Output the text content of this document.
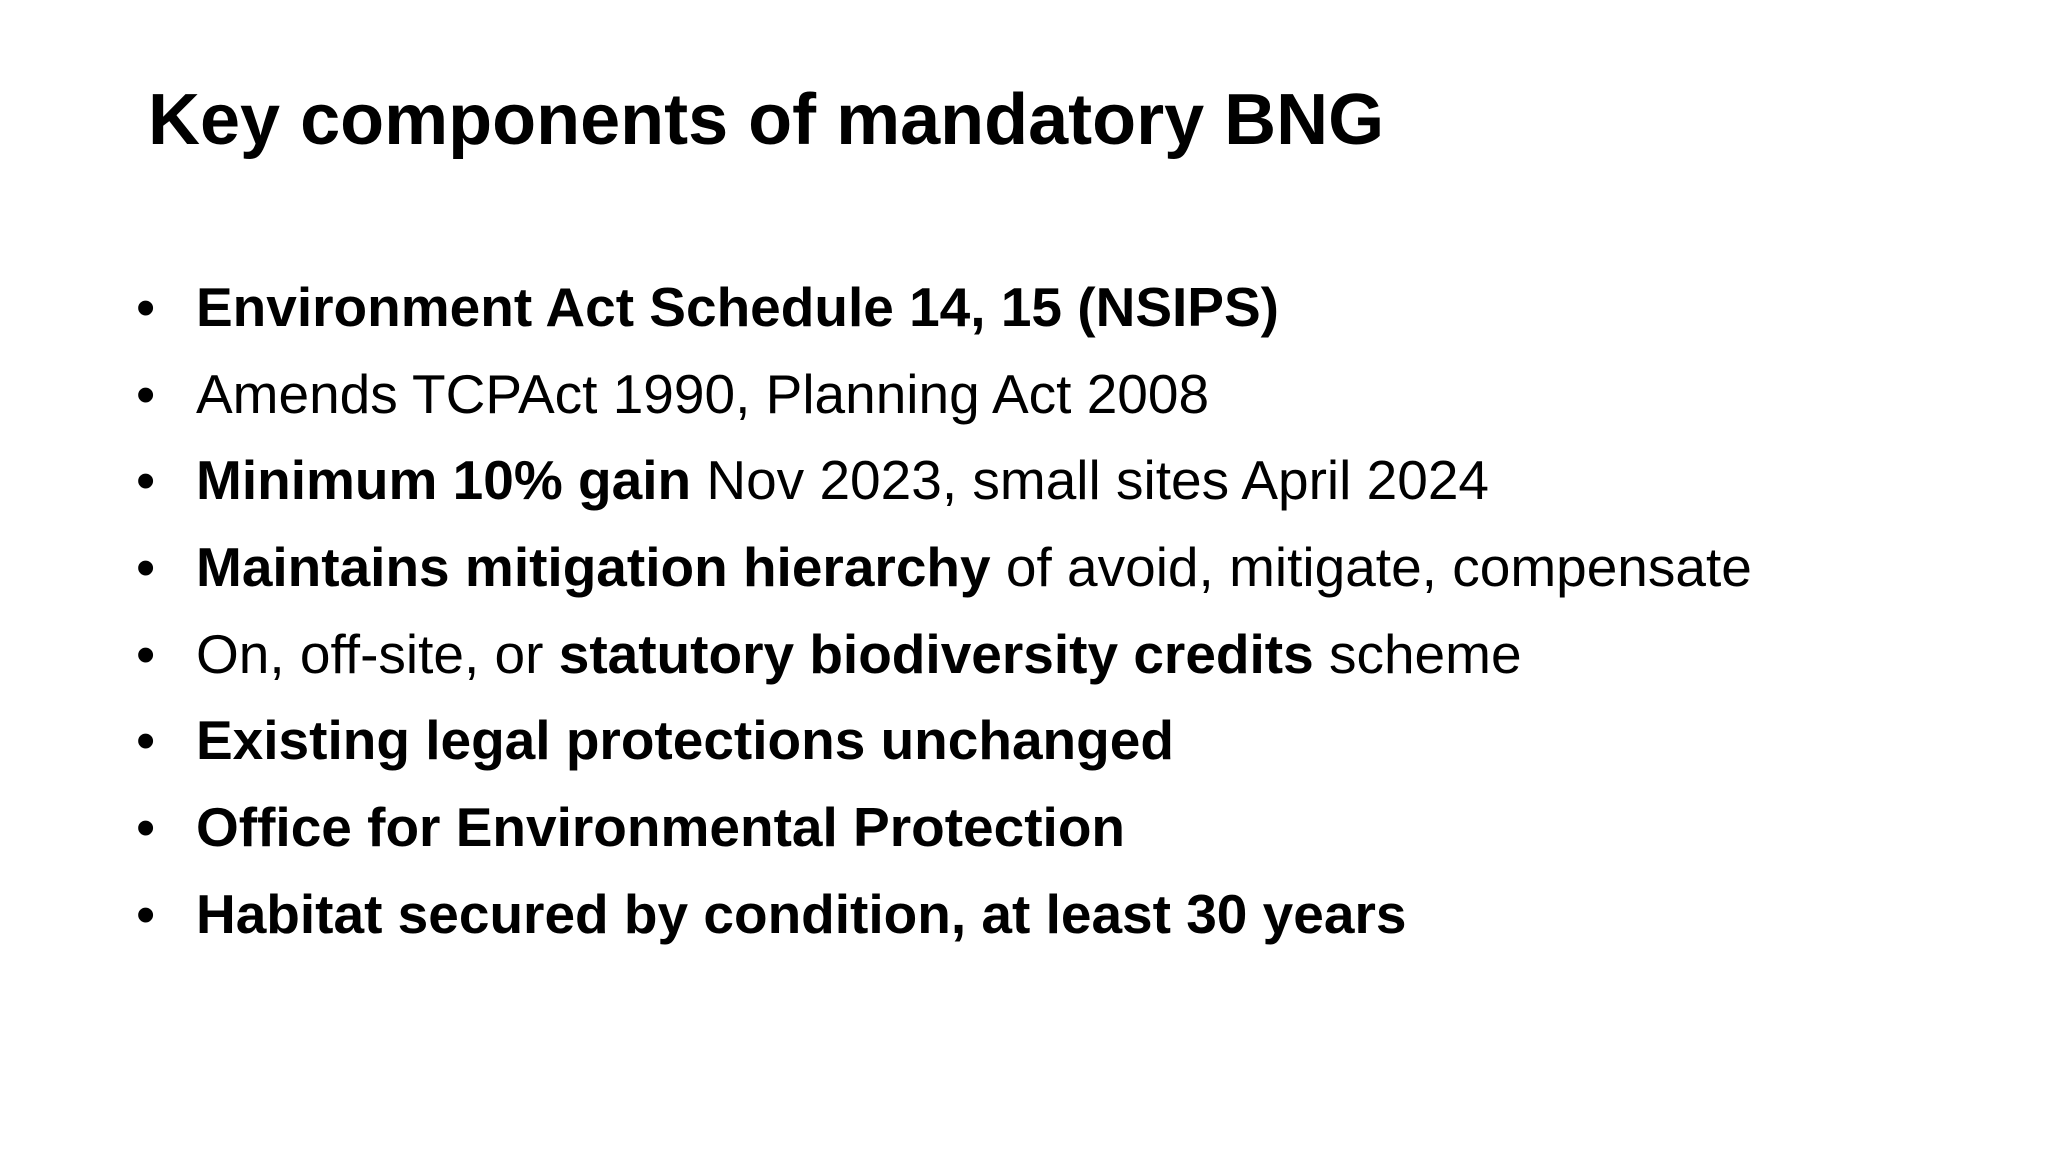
Key components of mandatory BNG
• Environment Act Schedule 14, 15 (NSIPS)
• Amends TCPAct 1990, Planning Act 2008
• Minimum 10% gain Nov 2023, small sites April 2024
• Maintains mitigation hierarchy of avoid, mitigate, compensate
• On, off-site, or statutory biodiversity credits scheme
• Existing legal protections unchanged
• Office for Environmental Protection
• Habitat secured by condition, at least 30 years
